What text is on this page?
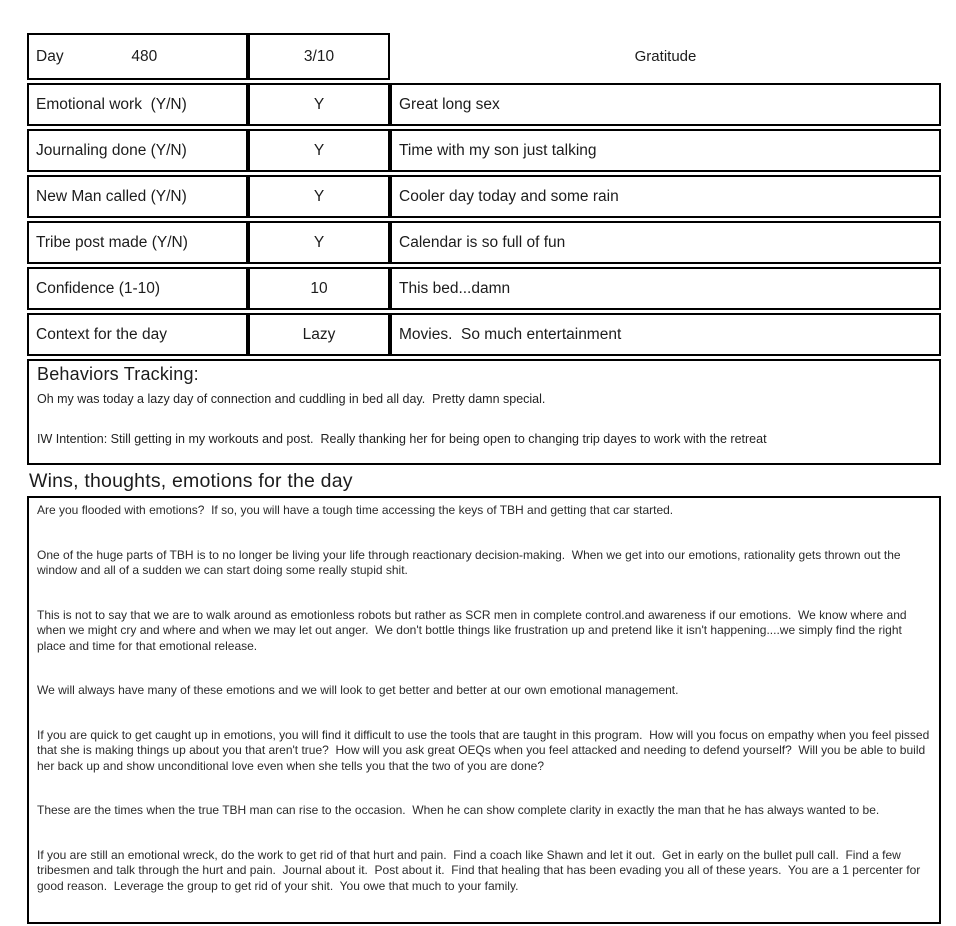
Day	480	3/10	Gratitude
Emotional work  (Y/N)	Y	Great long sex
Journaling done (Y/N)	Y	Time with my son just talking
New Man called (Y/N)	Y	Cooler day today and some rain
Tribe post made (Y/N)	Y	Calendar is so full of fun
Confidence (1-10)	10	This bed...damn
Context for the day	Lazy	Movies.  So much entertainment
Behaviors Tracking:
Oh my was today a lazy day of connection and cuddling in bed all day.  Pretty damn special.
IW Intention: Still getting in my workouts and post.  Really thanking her for being open to changing trip dayes to work with the retreat
Wins, thoughts, emotions for the day

Are you flooded with emotions?  If so, you will have a tough time accessing the keys of TBH and getting that car started.

One of the huge parts of TBH is to no longer be living your life through reactionary decision-making.  When we get into our emotions, rationality gets thrown out the window and all of a sudden we can start doing some really stupid shit.

This is not to say that we are to walk around as emotionless robots but rather as SCR men in complete control.and awareness if our emotions.  We know where and when we might cry and where and when we may let out anger.  We don't bottle things like frustration up and pretend like it isn't happening....we simply find the right place and time for that emotional release.

We will always have many of these emotions and we will look to get better and better at our own emotional management.

If you are quick to get caught up in emotions, you will find it difficult to use the tools that are taught in this program.  How will you focus on empathy when you feel pissed that she is making things up about you that aren't true?  How will you ask great OEQs when you feel attacked and needing to defend yourself?  Will you be able to build her back up and show unconditional love even when she tells you that the two of you are done?

These are the times when the true TBH man can rise to the occasion.  When he can show complete clarity in exactly the man that he has always wanted to be.

If you are still an emotional wreck, do the work to get rid of that hurt and pain.  Find a coach like Shawn and let it out.  Get in early on the bullet pull call.  Find a few tribesmen and talk through the hurt and pain.  Journal about it.  Post about it.  Find that healing that has been evading you all of these years.  You are a 1 percenter for good reason.  Leverage the group to get rid of your shit.  You owe that much to your family.
